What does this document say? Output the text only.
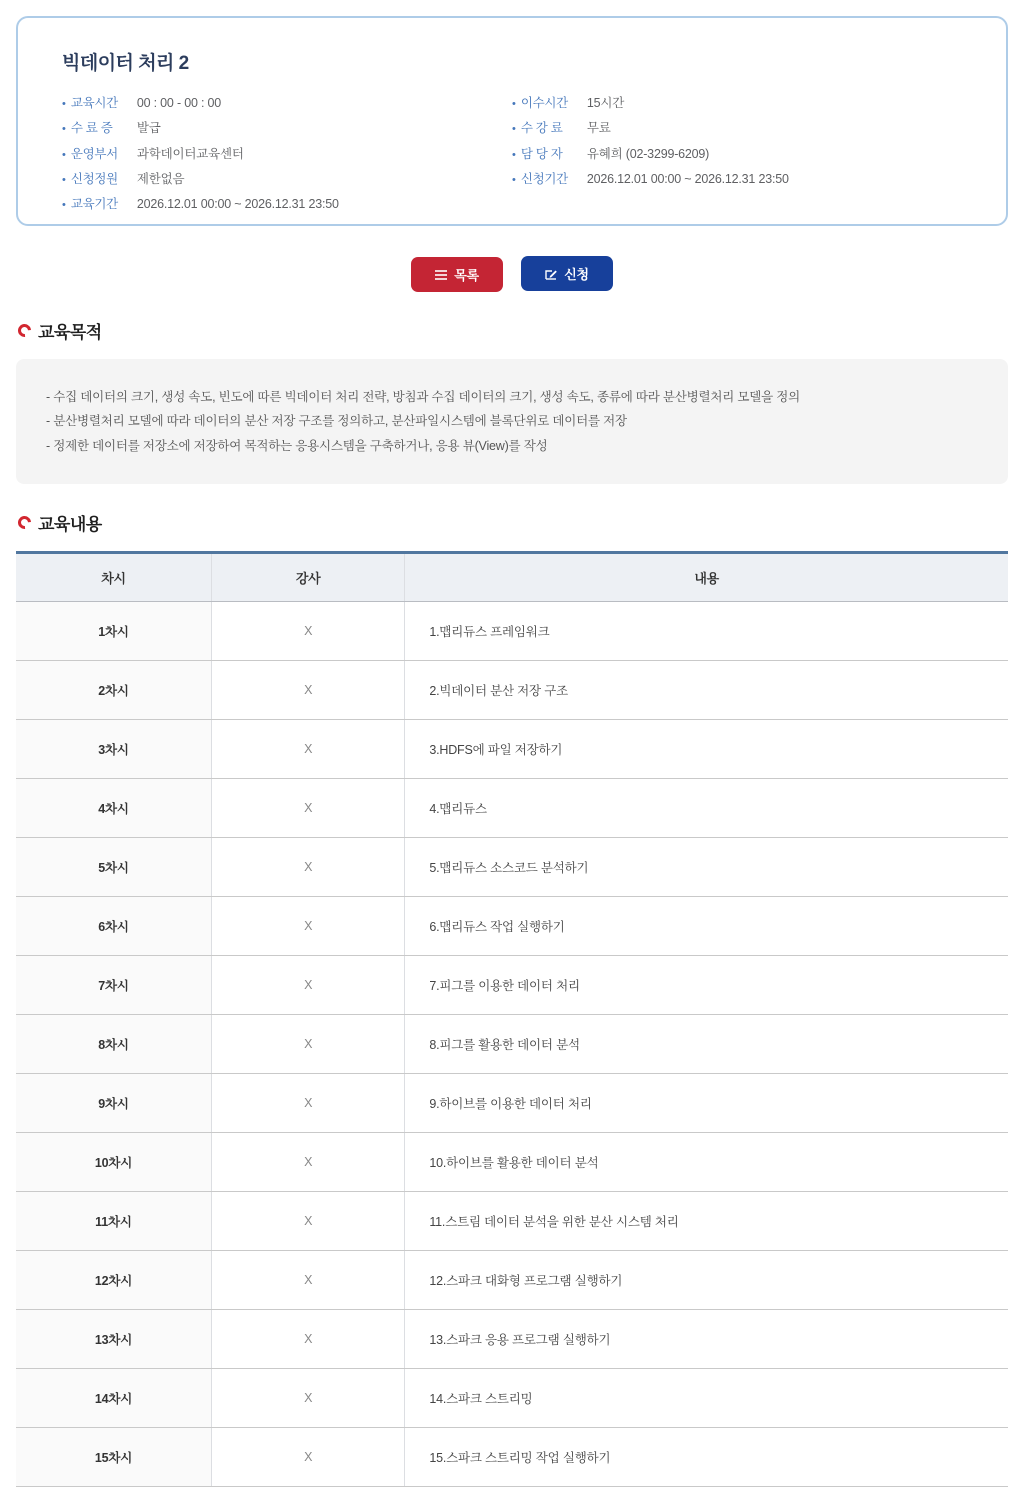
빅데이터 처리 2
• 교육시간	00 : 00 - 00 : 00
• 수 료 증	발급
• 운영부서	과학데이터교육센터
• 신청정원	제한없음
• 교육기간	2026.12.01 00:00 ~ 2026.12.31 23:50
• 이수시간	15시간
• 수 강 료	무료
• 담 당 자	유혜희 (02-3299-6209)
• 신청기간	2026.12.01 00:00 ~ 2026.12.31 23:50
목록
	신청
교육목적

- 수집 데이터의 크기, 생성 속도, 빈도에 따른 빅데이터 처리 전략, 방침과 수집 데이터의 크기, 생성 속도, 종류에 따라 분산병렬처리 모델을 정의

- 분산병렬처리 모델에 따라 데이터의 분산 저장 구조를 정의하고, 분산파일시스템에 블록단위로 데이터를 저장

- 정제한 데이터를 저장소에 저장하여 목적하는 응용시스템을 구축하거나, 응용 뷰(View)를 작성

교육내용
차시	강사	내용
1차시	X	1.맵리듀스 프레임워크
2차시	X	2.빅데이터 분산 저장 구조
3차시	X	3.HDFS에 파일 저장하기
4차시	X	4.맵리듀스
5차시	X	5.맵리듀스 소스코드 분석하기
6차시	X	6.맵리듀스 작업 실행하기
7차시	X	7.피그를 이용한 데이터 처리
8차시	X	8.피그를 활용한 데이터 분석
9차시	X	9.하이브를 이용한 데이터 처리
10차시	X	10.하이브를 활용한 데이터 분석
11차시	X	11.스트림 데이터 분석을 위한 분산 시스템 처리
12차시	X	12.스파크 대화형 프로그램 실행하기
13차시	X	13.스파크 응용 프로그램 실행하기
14차시	X	14.스파크 스트리밍
15차시	X	15.스파크 스트리밍 작업 실행하기
